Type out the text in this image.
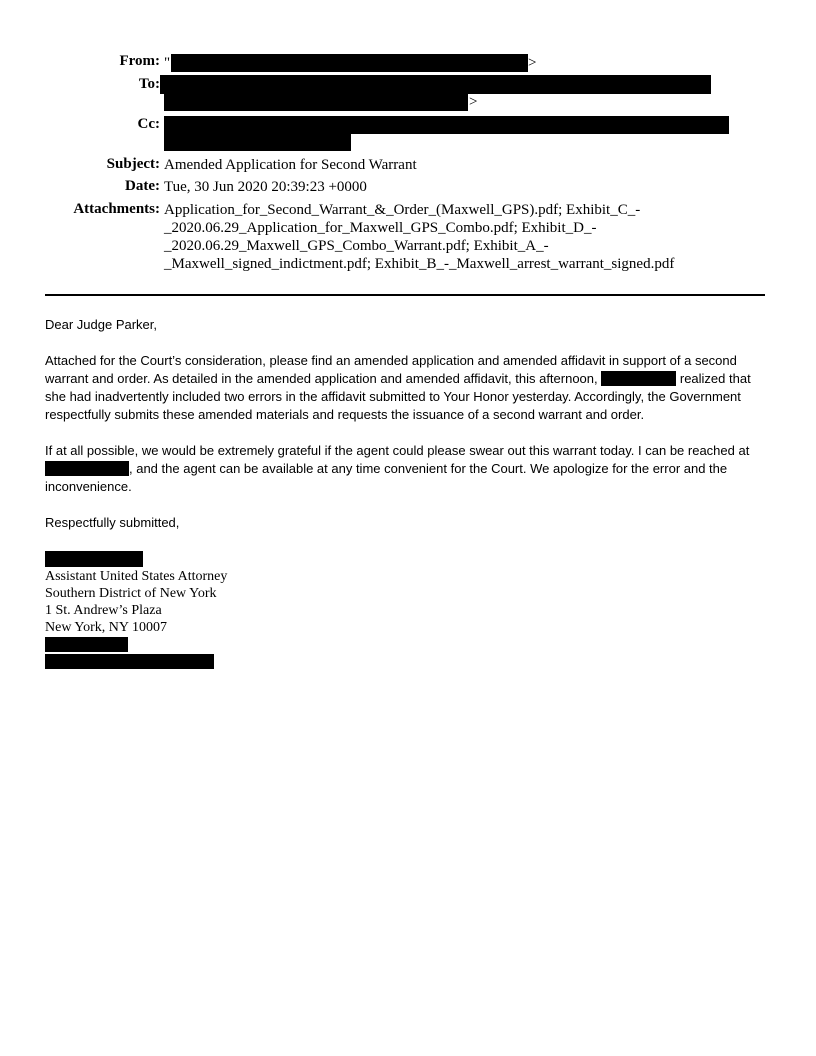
From: "	>
To:
>
Cc:
Subject: Amended Application for Second Warrant
Date: Tue, 30 Jun 2020 20:39:23 +0000
Attachments: Application_for_Second_Warrant_&_Order_(Maxwell_GPS).pdf; Exhibit_C_-
_2020.06.29_Application_for_Maxwell_GPS_Combo.pdf; Exhibit_D_-
_2020.06.29_Maxwell_GPS_Combo_Warrant.pdf; Exhibit_A_-
_Maxwell_signed_indictment.pdf; Exhibit_B_-_Maxwell_arrest_warrant_signed.pdf
Dear Judge Parker,
Attached for the Court’s consideration, please find an amended application and amended affidavit in support of a second warrant and order. As detailed in the amended application and amended affidavit, this afternoon,	realized that she had inadvertently included two errors in the affidavit submitted to Your Honor yesterday. Accordingly, the Government respectfully submits these amended materials and requests the issuance of a second warrant and order.
If at all possible, we would be extremely grateful if the agent could please swear out this warrant today. I can be reached at , and the agent can be available at any time convenient for the Court. We apologize for the error and the inconvenience.
Respectfully submitted,
Assistant United States Attorney
Southern District of New York
1 St. Andrew’s Plaza
New York, NY 10007
